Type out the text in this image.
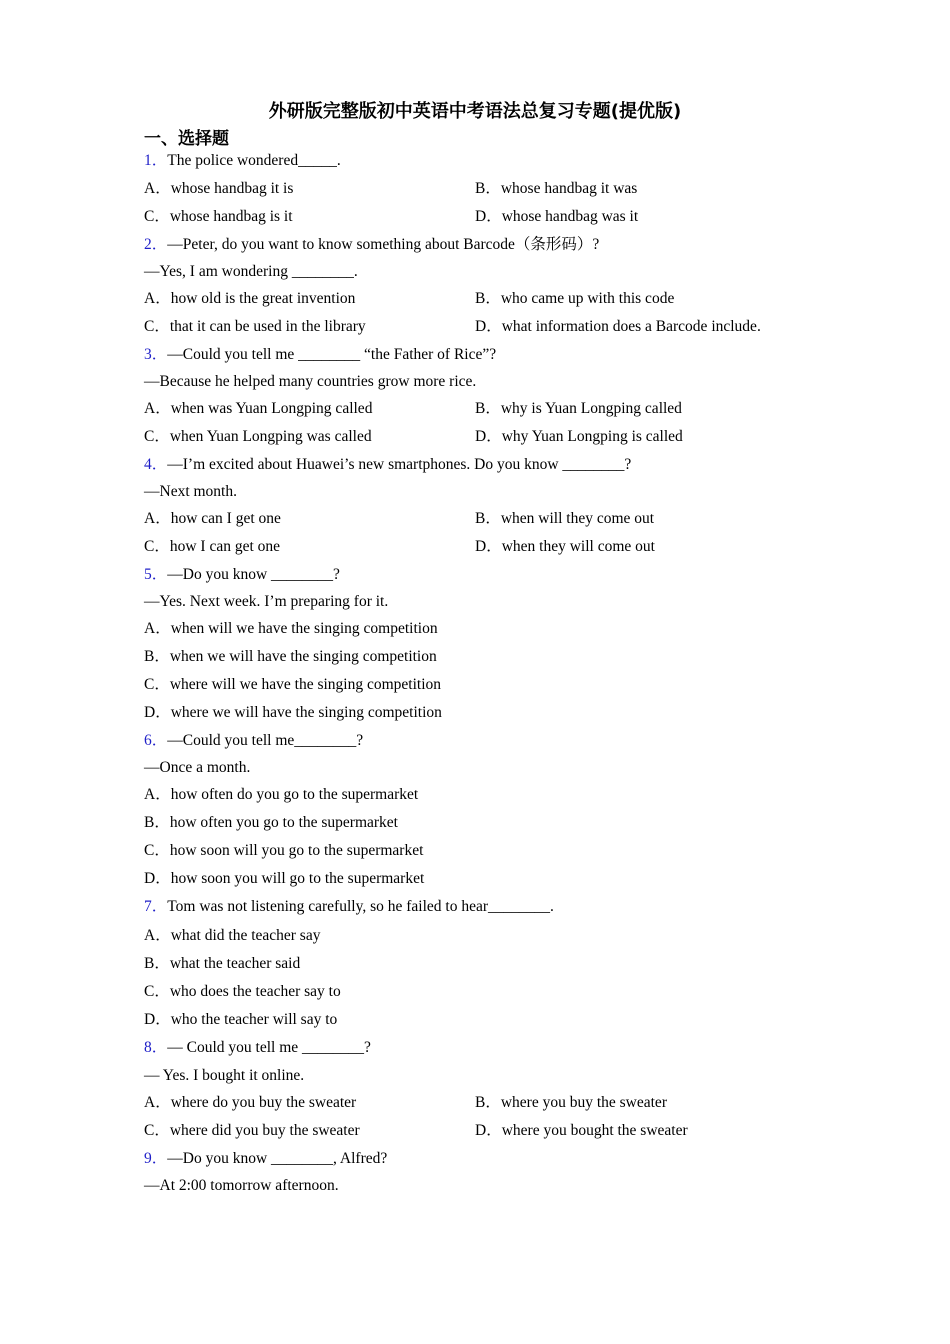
外研版完整版初中英语中考语法总复习专题(提优版)
一、选择题
1．The police wondered_____.
A．whose handbag it is	B．whose handbag it was
C．whose handbag is it	D．whose handbag was it
2．—Peter, do you want to know something about Barcode（条形码）?
—Yes, I am wondering ________.
A．how old is the great invention	B．who came up with this code
C．that it can be used in the library	D．what information does a Barcode include.
3．—Could you tell me ________ “the Father of Rice”?
—Because he helped many countries grow more rice.
A．when was Yuan Longping called	B．why is Yuan Longping called
C．when Yuan Longping was called	D．why Yuan Longping is called
4．—I’m excited about Huawei’s new smartphones. Do you know ________?
—Next month.
A．how can I get one	B．when will they come out
C．how I can get one	D．when they will come out
5．—Do you know ________?
—Yes. Next week. I’m preparing for it.
A．when will we have the singing competition
B．when we will have the singing competition
C．where will we have the singing competition
D．where we will have the singing competition
6．—Could you tell me________?
—Once a month.
A．how often do you go to the supermarket
B．how often you go to the supermarket
C．how soon will you go to the supermarket
D．how soon you will go to the supermarket
7．Tom was not listening carefully, so he failed to hear________.
A．what did the teacher say
B．what the teacher said
C．who does the teacher say to
D．who the teacher will say to
8．— Could you tell me ________?
— Yes. I bought it online.
A．where do you buy the sweater	B．where you buy the sweater
C．where did you buy the sweater	D．where you bought the sweater
9．—Do you know ________, Alfred?
—At 2:00 tomorrow afternoon.
